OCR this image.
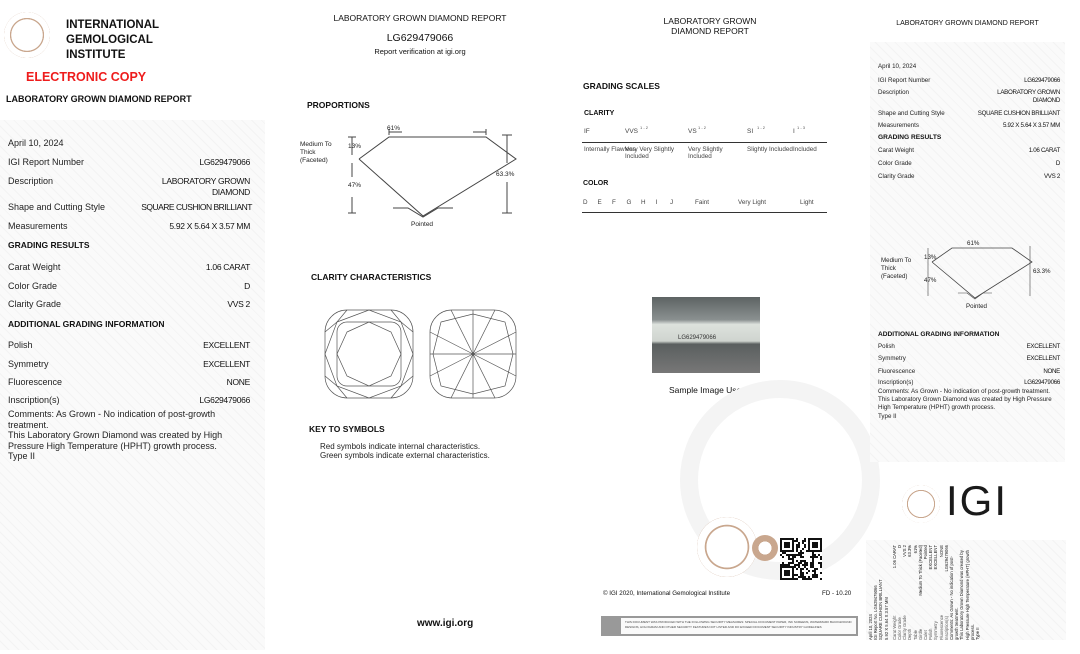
INTERNATIONAL
GEMOLOGICAL
INSTITUTE
ELECTRONIC COPY
LABORATORY GROWN DIAMOND REPORT
April 10, 2024
IGI Report Number	LG629479066
Description	LABORATORY GROWN DIAMOND
Shape and Cutting Style	SQUARE CUSHION BRILLIANT
Measurements	5.92 X 5.64 X 3.57 MM
GRADING RESULTS
Carat Weight	1.06 CARAT
Color Grade	D
Clarity Grade	VVS 2
ADDITIONAL GRADING INFORMATION
Polish	EXCELLENT
Symmetry	EXCELLENT
Fluorescence	NONE
Inscription(s)	LG629479066
Comments: As Grown - No indication of post-growth treatment.
This Laboratory Grown Diamond was created by High Pressure High Temperature (HPHT) growth process.
Type II
LABORATORY GROWN DIAMOND REPORT
LG629479066
Report verification at igi.org
PROPORTIONS
61%
13%
47%
63.3%
Medium To Thick (Faceted)
Pointed
CLARITY CHARACTERISTICS
KEY TO SYMBOLS
Red symbols indicate internal characteristics.
Green symbols indicate external characteristics.
www.igi.org
LABORATORY GROWN
DIAMOND REPORT
GRADING SCALES
CLARITY
IF
Internally Flawless
VVS
1 - 2
Very Very Slightly Included
VS
1 - 2
Very Slightly Included
SI
1 - 2
Slightly Included
I
1 - 3
Included
COLOR
D E F G H I J	Faint	Very Light	Light
LG629479066
Sample Image Used
© IGI 2020, International Gemological Institute	FD - 10.20
THIS DOCUMENT WAS PRODUCED WITH THE FOLLOWING SECURITY MEASURES: SPECIAL DOCUMENT PAPER, INK SCREENS, WATERMARK BACKGROUND DESIGNS, HOLOGRAM AND OTHER SECURITY FEATURES NOT LISTED AND DO EXCEED DOCUMENT SECURITY INDUSTRY GUIDELINES
LABORATORY GROWN DIAMOND REPORT
April 10, 2024
IGI Report Number	LG629479066
Description	LABORATORY GROWN DIAMOND
Shape and Cutting Style	SQUARE CUSHION BRILLIANT
Measurements	5.92 X 5.64 X 3.57 MM
Carat Weight	1.06 CARAT
Color Grade	D
Clarity Grade	VVS 2
Polish	EXCELLENT
Symmetry	EXCELLENT
Fluorescence	NONE
Inscription(s)	LG629479066
GRADING RESULTS
61%
13%
47%
63.3%
Medium To Thick (Faceted)
Pointed
ADDITIONAL GRADING INFORMATION
Comments: As Grown - No indication of post-growth treatment.
This Laboratory Grown Diamond was created by High Pressure High Temperature (HPHT) growth process.
Type II
IGI
April 10, 2024 IGI Report No. LG629479066 SQUARE CUSHION BRILLIANT 5.92 X 5.64 X 3.57 MM Carat Weight
1.06 CARAT
Color Grade
D
Clarity Grade
VVS 2
Depth
63.3%
Table
61%
Girdle
Medium To Thick (Faceted)
Culet
Pointed
Polish
EXCELLENT
Symmetry
EXCELLENT
Fluorescence
NONE
Inscription(s)
LG629479066 Comments: As Grown - No indication of post-growth treatment. This Laboratory Grown Diamond was created by High Pressure High Temperature (HPHT) growth process. Type II
